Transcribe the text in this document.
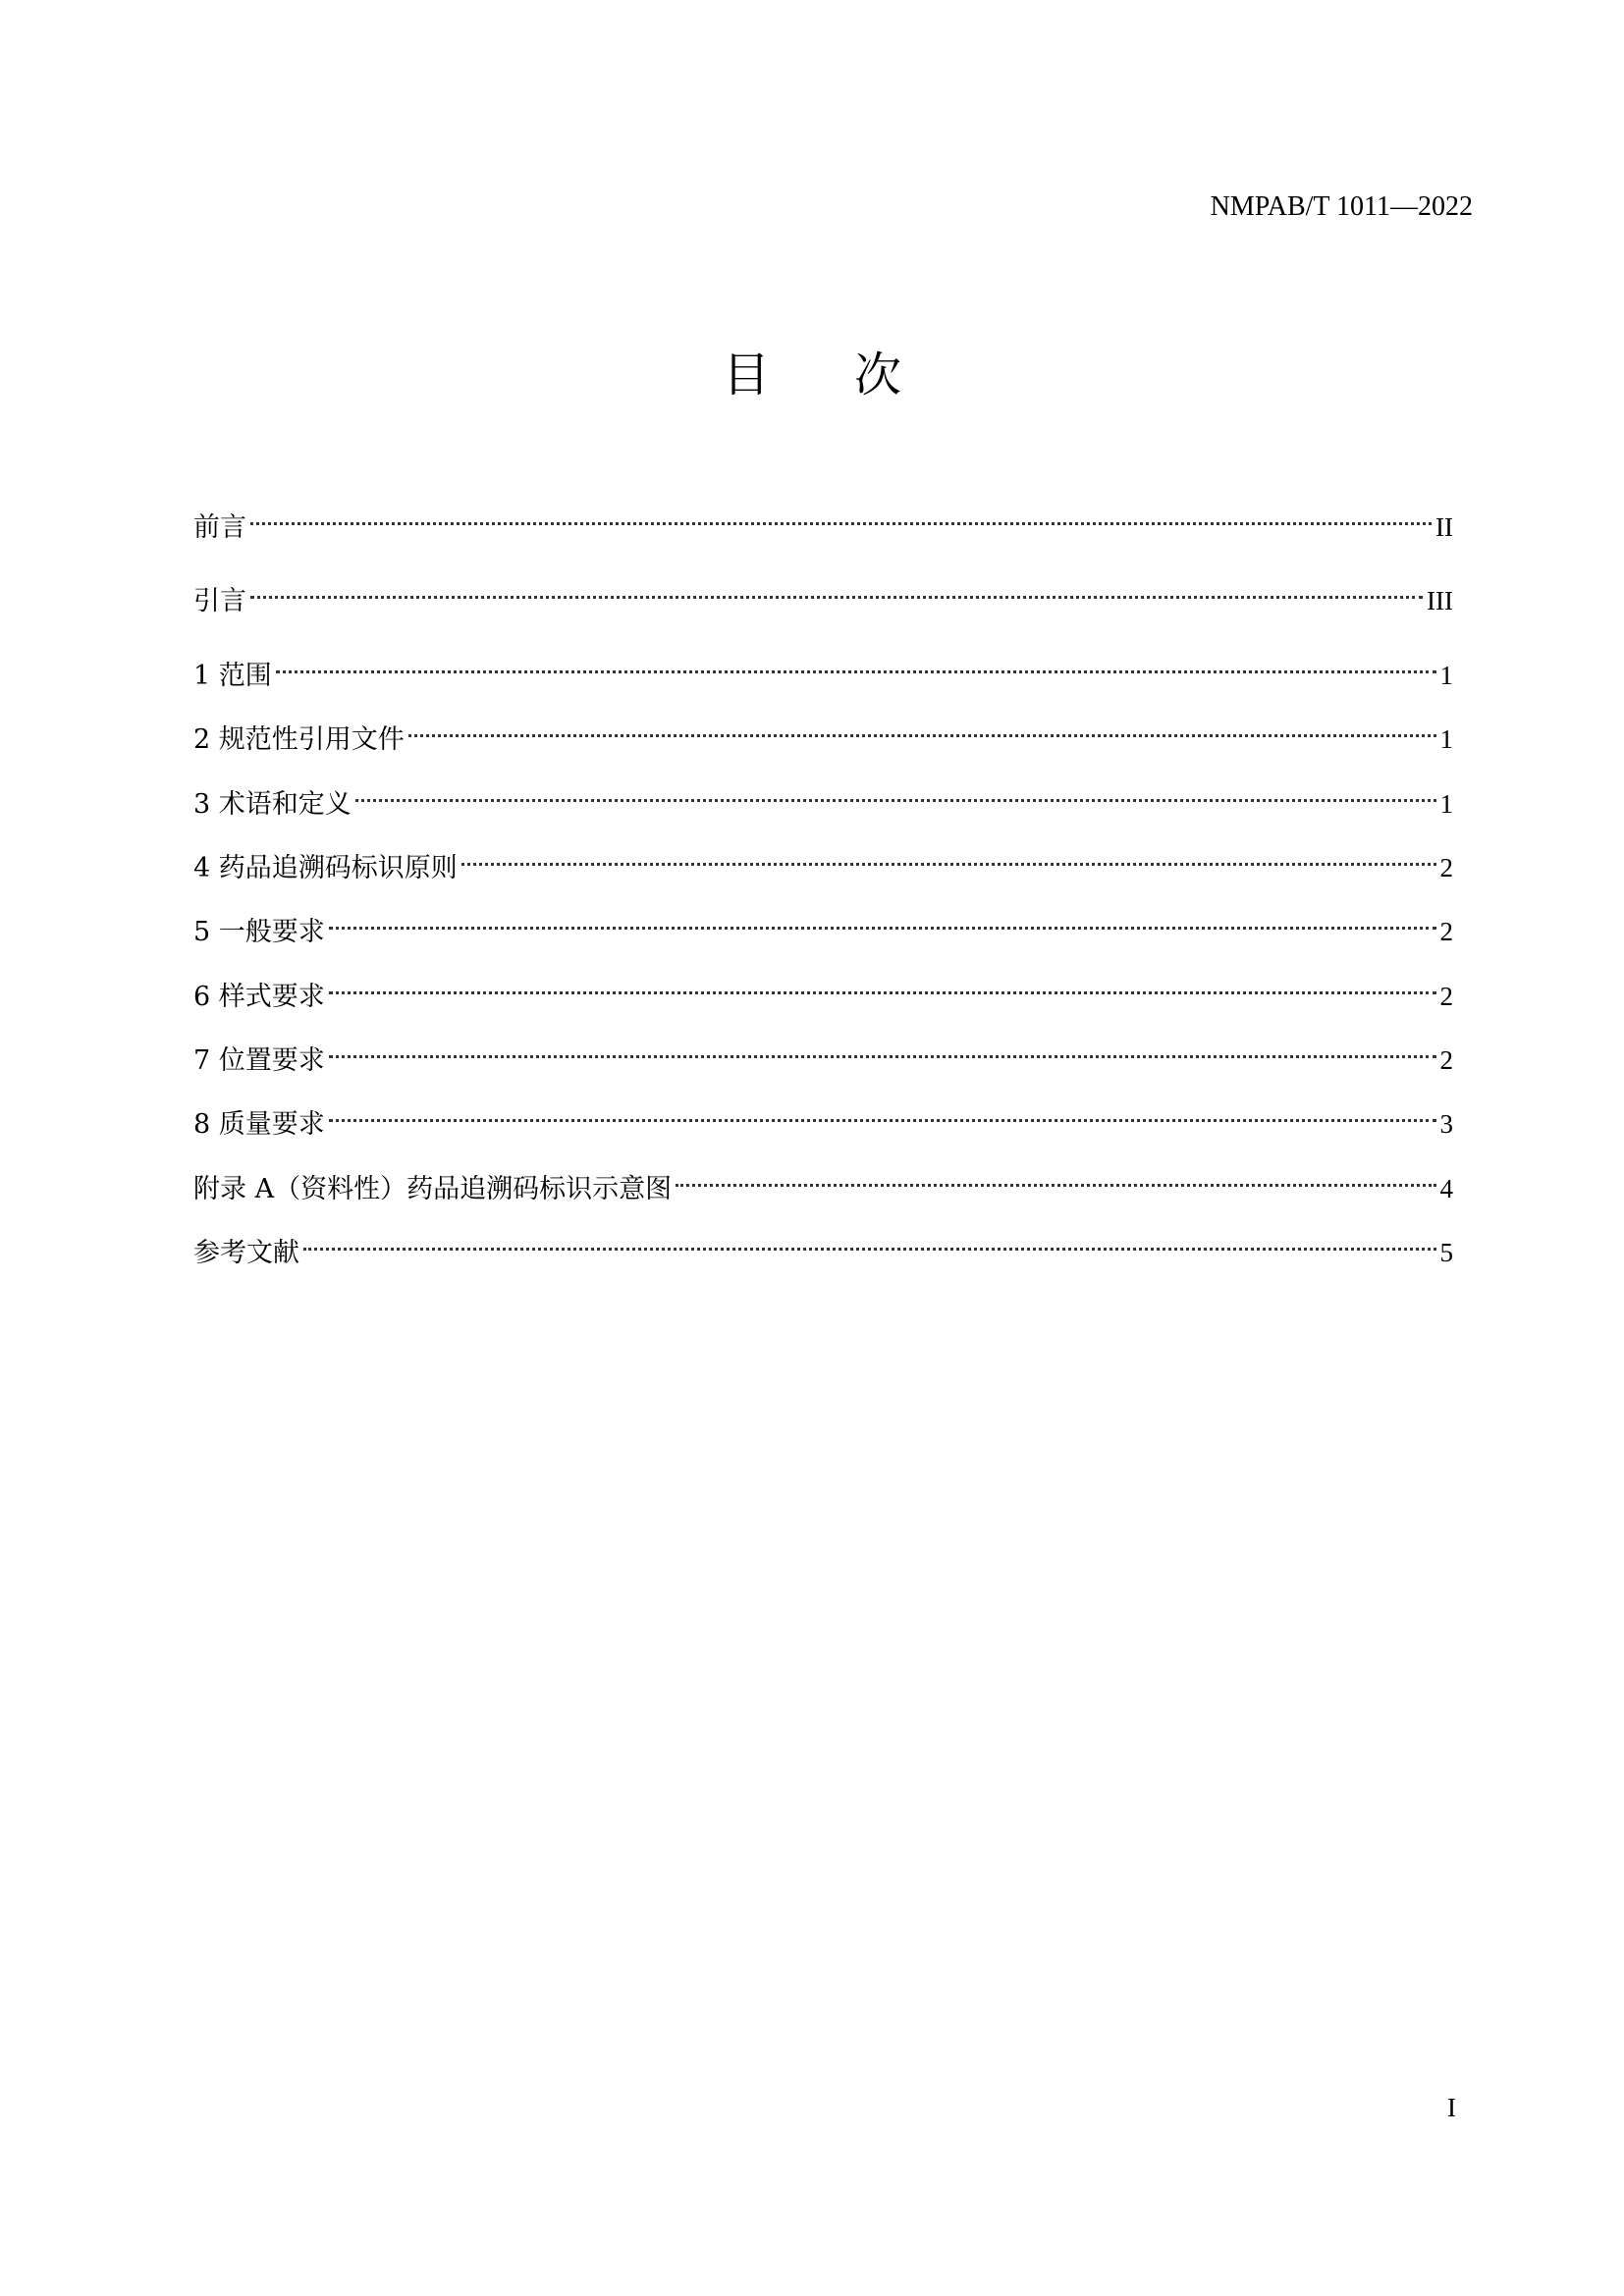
NMPAB/T 1011—2022
目 次
前言	II
引言	III
1 范围	1
2 规范性引用文件	1
3 术语和定义	1
4 药品追溯码标识原则	2
5 一般要求	2
6 样式要求	2
7 位置要求	2
8 质量要求	3
附录 A（资料性）药品追溯码标识示意图	4
参考文献	5
I
